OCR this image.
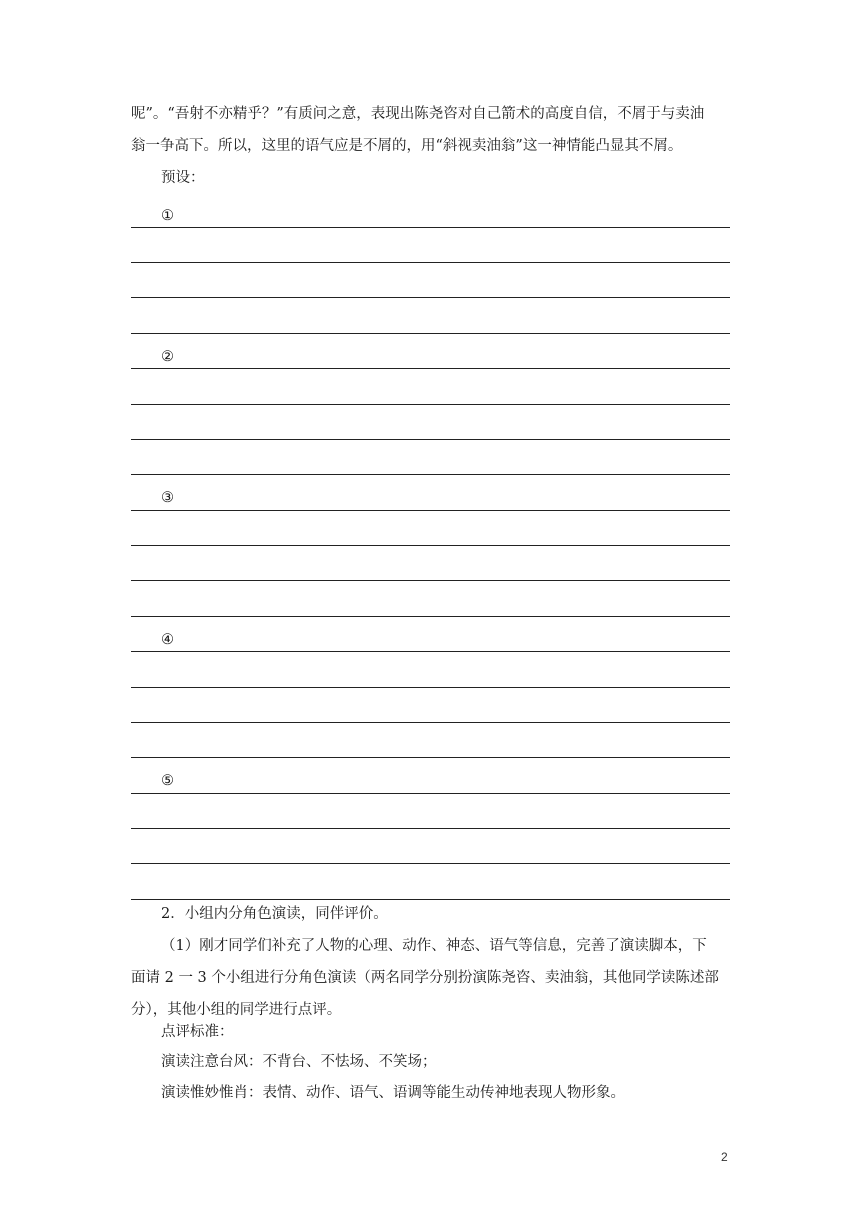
呢”。“吾射不亦精乎？”有质问之意，表现出陈尧咨对自己箭术的高度自信，不屑于与卖油
翁一争高下。所以，这里的语气应是不屑的，用“斜视卖油翁”这一神情能凸显其不屑。
预设：
①
②
③
④
⑤
2．小组内分角色演读，同伴评价。
（1）刚才同学们补充了人物的心理、动作、神态、语气等信息，完善了演读脚本，下
面请 2 一 3 个小组进行分角色演读（两名同学分别扮演陈尧咨、卖油翁，其他同学读陈述部
分），其他小组的同学进行点评。
点评标准：
演读注意台风：不背台、不怯场、不笑场；
演读惟妙惟肖：表情、动作、语气、语调等能生动传神地表现人物形象。
2
